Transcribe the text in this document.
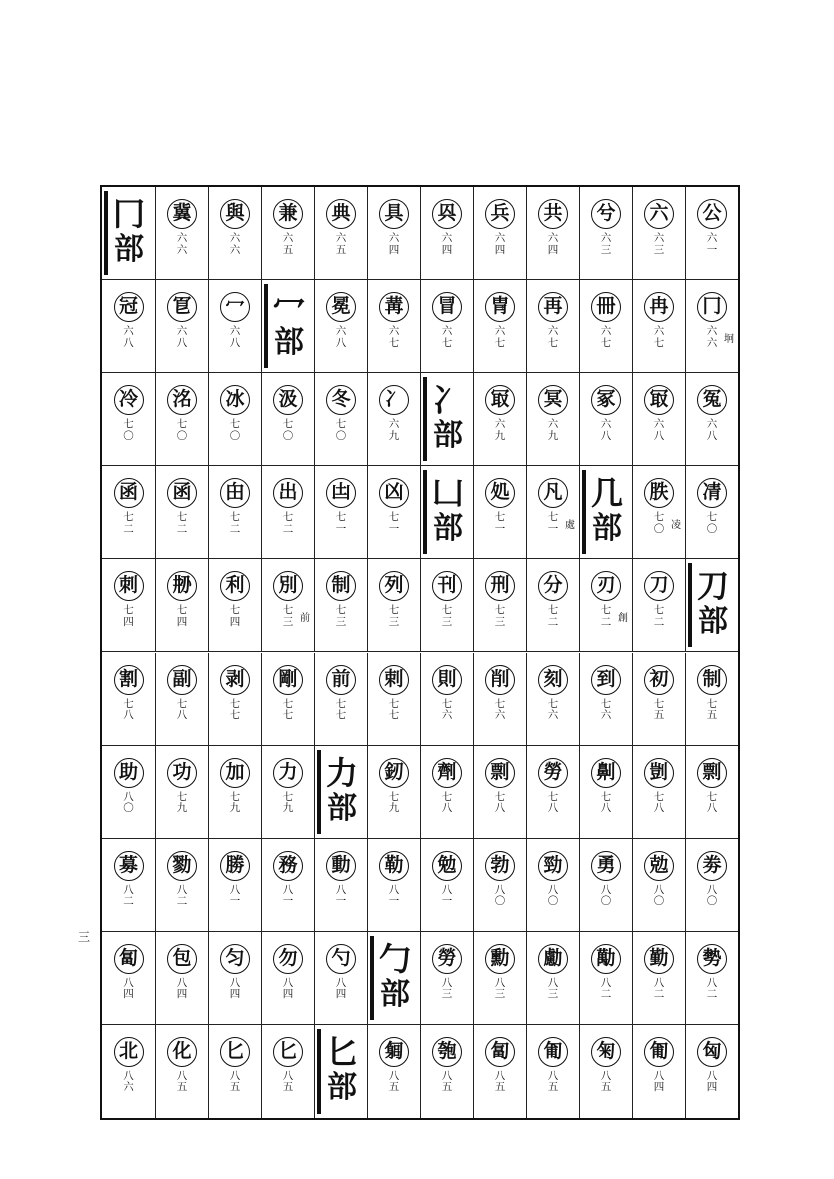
公
六一
六
六三
兮
六三
共
六四
兵
六四
㒷
六四
具
六四
典
六五
兼
六五
與
六六
冀
六六
冂
部
冂
六六 坰
冉
六七
冊
六七
再
六七
冑
六七
冒
六七
冓
六七
冕
六八
冖
部
冖
六八
冟
六八
冠
六八
冤
六八
冣
六八
冢
六八
冥
六九
冣
六九
冫
部
冫
六九
冬
七〇
汲
七〇
冰
七〇
洺
七〇
冷
七〇
凊
七〇
胅
七〇 凌
几
部
凡
七一 處
処
七一
凵
部
凶
七一
凷
七一
出
七二
甶
七二
函
七二
函
七二
刀
部
刀
七二
刃
七二 創
分
七二
刑
七三
刊
七三
列
七三
制
七三
別
七三 前
利
七四
刱
七四
刺
七四
制
七五
初
七五
到
七六
刻
七六
削
七六
則
七六
剌
七七
前
七七
剛
七七
剥
七七
副
七八
割
七八
剽
七八
剴
七八
劓
七八
勞
七八
剽
七八
劑
七八
釰
七九
力
部
力
七九
加
七九
功
七九
助
八〇
劵
八〇
勊
八〇
勇
八〇
勁
八〇
勃
八〇
勉
八一
勒
八一
動
八一
務
八一
勝
八一
勠
八二
募
八二
勢
八二
勤
八二
勱
八二
勴
八三
勳
八三
勞
八三
勹
部
勺
八四
勿
八四
匀
八四
包
八四
匐
八四
匈
八四
匍
八四
匊
八五
匍
八五
匐
八五
匏
八五
匔
八五
匕
部
匕
八五
匕
八五
化
八五
北
八六
三
